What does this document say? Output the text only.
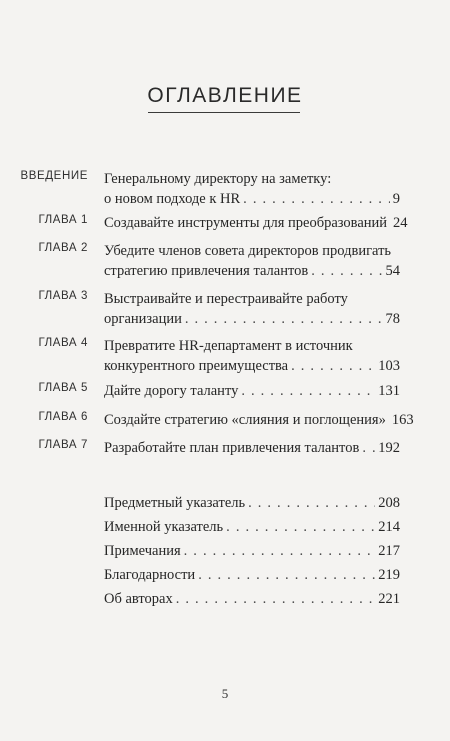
ОГЛАВЛЕНИЕ
ВВЕДЕНИЕ Генеральному директору на заметку:
о новом подходе к HR . . .	9
ГЛАВА 1 Создавайте инструменты для преобразований 24
ГЛАВА 2 Убедите членов совета директоров продвигать
стратегию привлечения талантов . . .	54
ГЛАВА 3 Выстраивайте и перестраивайте работу
организации . . .	78
ГЛАВА 4 Превратите HR-департамент в источник
конкурентного преимущества . . .	103
ГЛАВА 5 Дайте дорогу таланту . . .	131
ГЛАВА 6 Создайте стратегию «слияния и поглощения» 163
ГЛАВА 7 Разработайте план привлечения талантов . . . 192
Предметный указатель . . .	208
Именной указатель . . .	214
Примечания . . .	217
Благодарности . . .	219
Об авторах . . .	221
5
